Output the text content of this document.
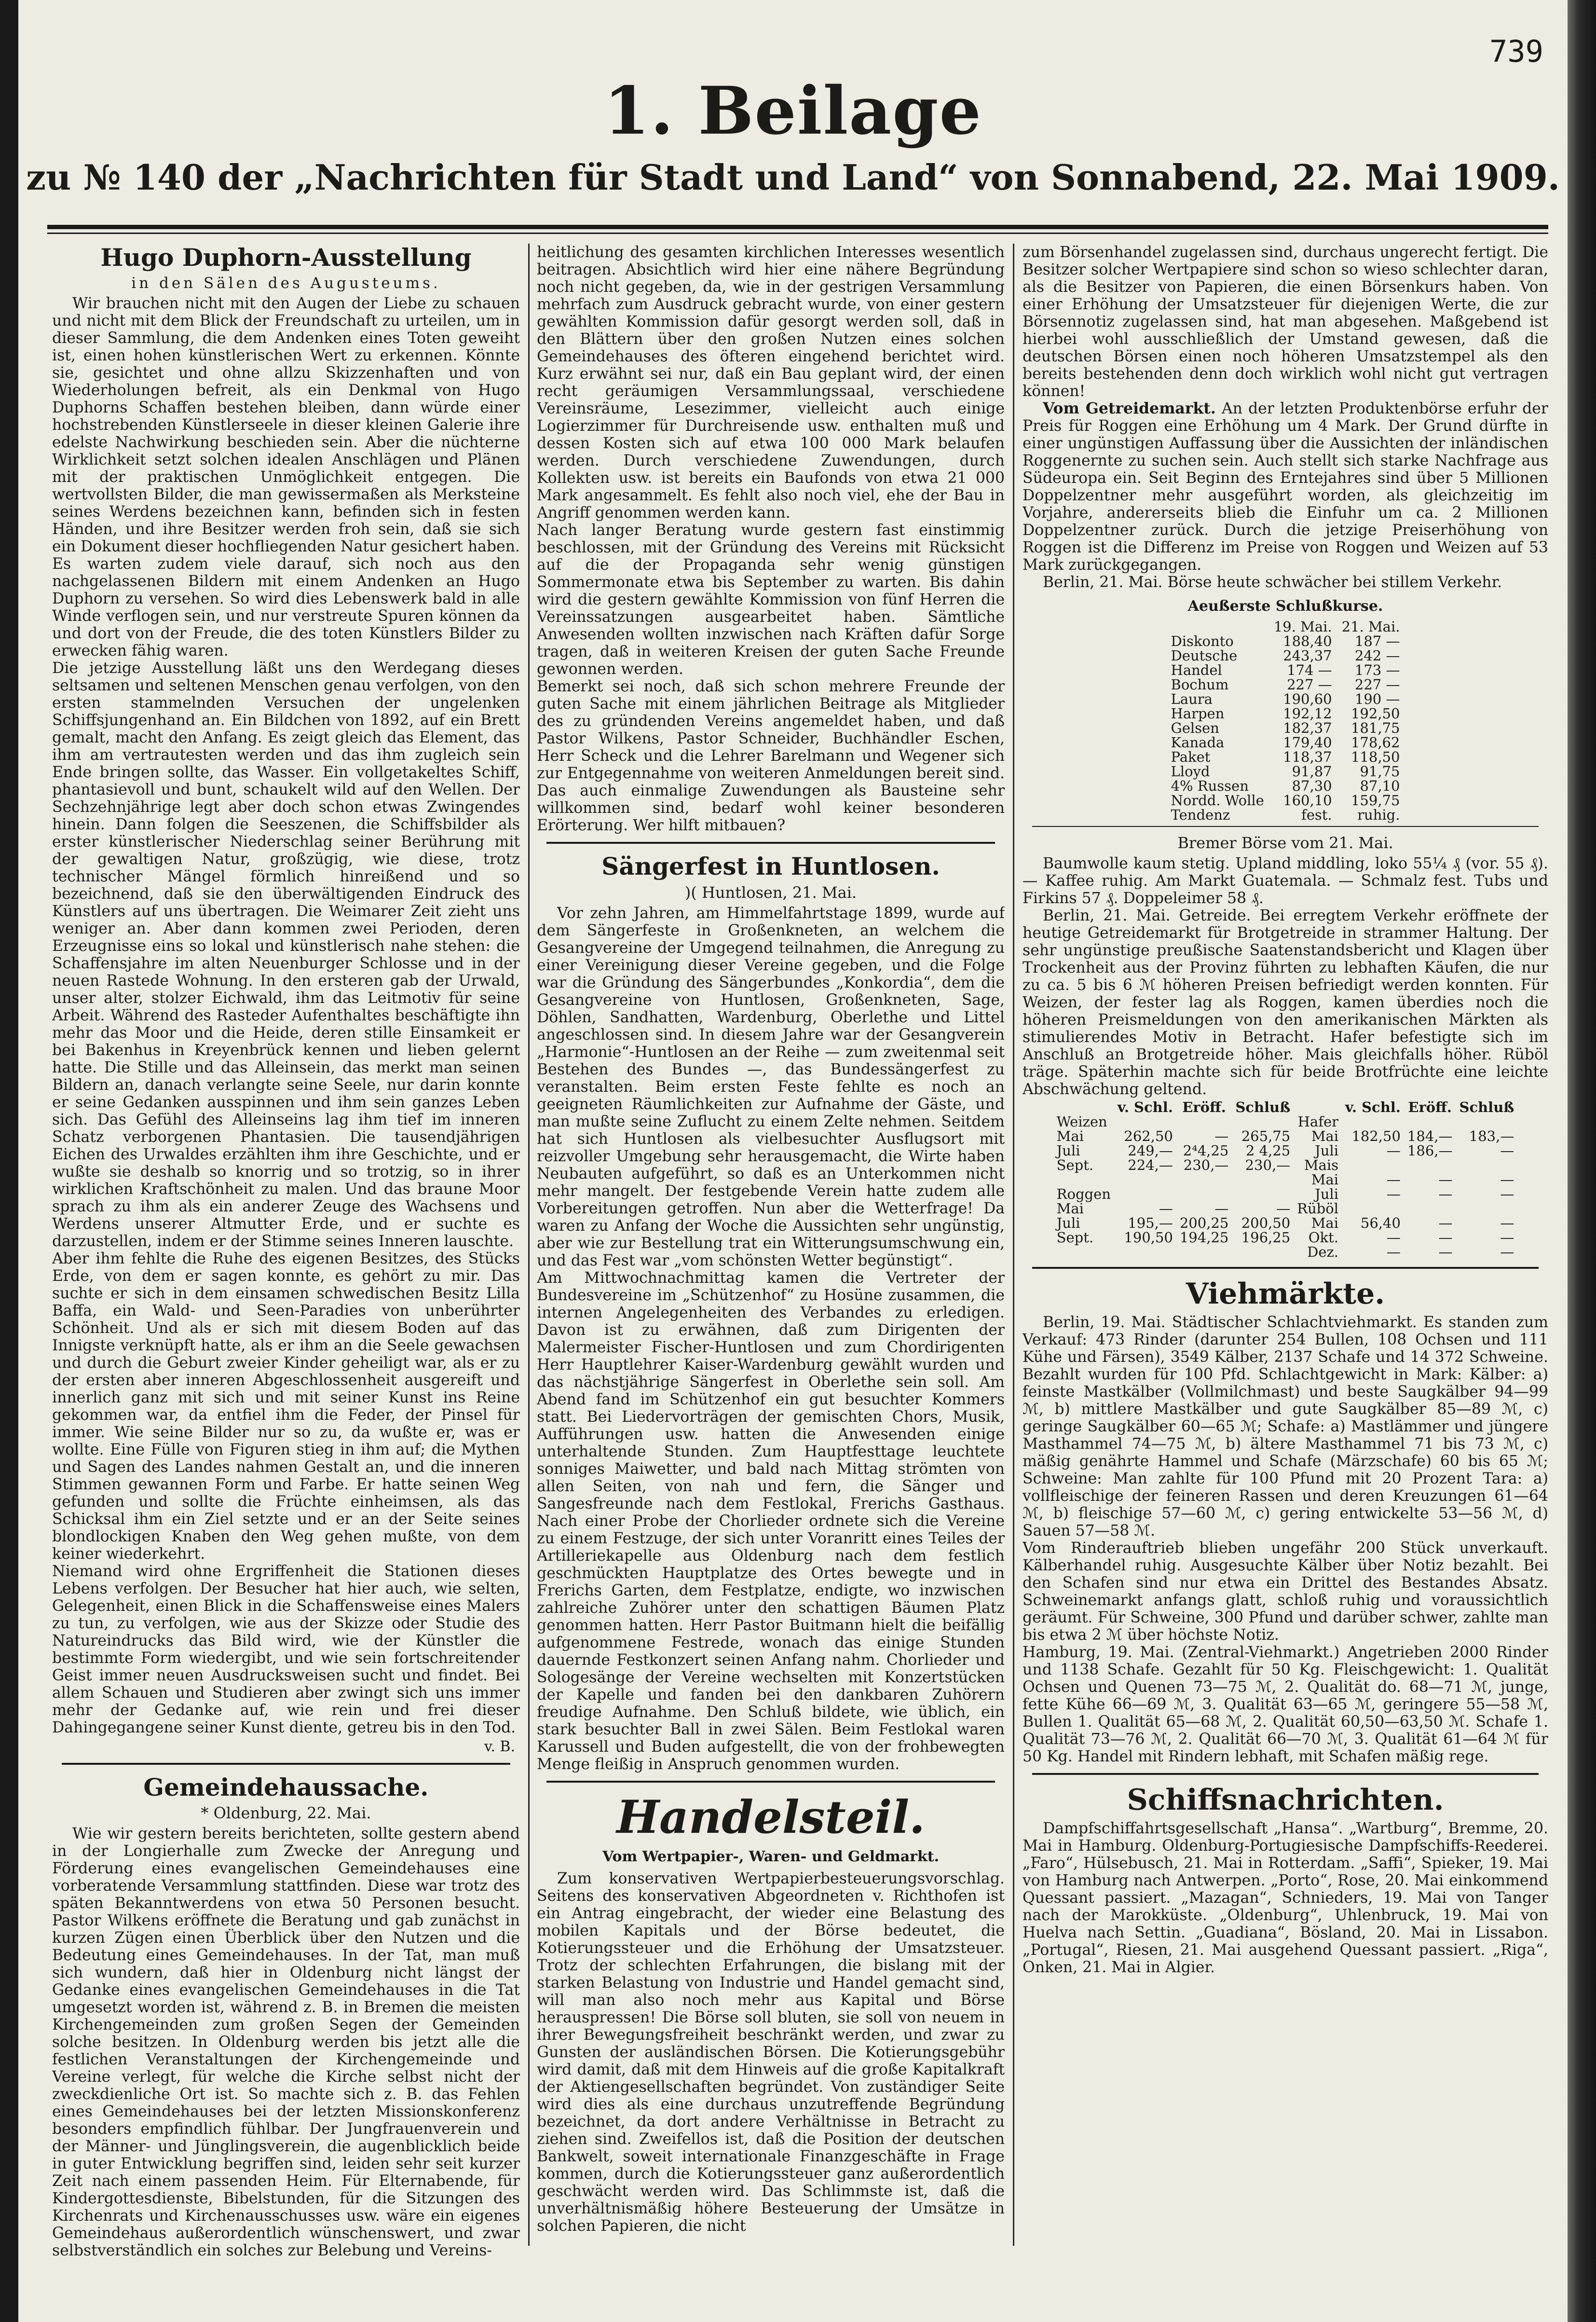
739
1. Beilage
zu № 140 der „Nachrichten für Stadt und Land“ von Sonnabend, 22. Mai 1909.
Hugo Duphorn-Ausstellung
in den Sälen des Augusteums.

Wir brauchen nicht mit den Augen der Liebe zu schauen und nicht mit dem Blick der Freundschaft zu urteilen, um in dieser Sammlung, die dem Andenken eines Toten geweiht ist, einen hohen künstlerischen Wert zu erkennen. Könnte sie, gesichtet und ohne allzu Skizzenhaften und von Wiederholungen befreit, als ein Denkmal von Hugo Duphorns Schaffen bestehen bleiben, dann würde einer hochstrebenden Künstlerseele in dieser kleinen Galerie ihre edelste Nachwirkung beschieden sein. Aber die nüchterne Wirklichkeit setzt solchen idealen Anschlägen und Plänen mit der praktischen Unmöglichkeit entgegen. Die wertvollsten Bilder, die man gewissermaßen als Merksteine seines Werdens bezeichnen kann, befinden sich in festen Händen, und ihre Besitzer werden froh sein, daß sie sich ein Dokument dieser hochfliegenden Natur gesichert haben. Es warten zudem viele darauf, sich noch aus den nachgelassenen Bildern mit einem Andenken an Hugo Duphorn zu versehen. So wird dies Lebenswerk bald in alle Winde verflogen sein, und nur verstreute Spuren können da und dort von der Freude, die des toten Künstlers Bilder zu erwecken fähig waren.
Die jetzige Ausstellung läßt uns den Werdegang dieses seltsamen und seltenen Menschen genau verfolgen, von den ersten stammelnden Versuchen der ungelenken Schiffsjungenhand an. Ein Bildchen von 1892, auf ein Brett gemalt, macht den Anfang. Es zeigt gleich das Element, das ihm am vertrautesten werden und das ihm zugleich sein Ende bringen sollte, das Wasser. Ein vollgetakeltes Schiff, phantasievoll und bunt, schaukelt wild auf den Wellen. Der Sechzehnjährige legt aber doch schon etwas Zwingendes hinein. Dann folgen die Seeszenen, die Schiffsbilder als erster künstlerischer Niederschlag seiner Berührung mit der gewaltigen Natur, großzügig, wie diese, trotz technischer Mängel förmlich hinreißend und so bezeichnend, daß sie den überwältigenden Eindruck des Künstlers auf uns übertragen. Die Weimarer Zeit zieht uns weniger an. Aber dann kommen zwei Perioden, deren Erzeugnisse eins so lokal und künstlerisch nahe stehen: die Schaffensjahre im alten Neuenburger Schlosse und in der neuen Rastede Wohnung. In den ersteren gab der Urwald, unser alter, stolzer Eichwald, ihm das Leitmotiv für seine Arbeit. Während des Rasteder Aufenthaltes beschäftigte ihn mehr das Moor und die Heide, deren stille Einsamkeit er bei Bakenhus in Kreyenbrück kennen und lieben gelernt hatte. Die Stille und das Alleinsein, das merkt man seinen Bildern an, danach verlangte seine Seele, nur darin konnte er seine Gedanken ausspinnen und ihm sein ganzes Leben sich. Das Gefühl des Alleinseins lag ihm tief im inneren Schatz verborgenen Phantasien. Die tausendjährigen Eichen des Urwaldes erzählten ihm ihre Geschichte, und er wußte sie deshalb so knorrig und so trotzig, so in ihrer wirklichen Kraftschönheit zu malen. Und das braune Moor sprach zu ihm als ein anderer Zeuge des Wachsens und Werdens unserer Altmutter Erde, und er suchte es darzustellen, indem er der Stimme seines Inneren lauschte.
Aber ihm fehlte die Ruhe des eigenen Besitzes, des Stücks Erde, von dem er sagen konnte, es gehört zu mir. Das suchte er sich in dem einsamen schwedischen Besitz Lilla Baffa, ein Wald- und Seen-Paradies von unberührter Schönheit. Und als er sich mit diesem Boden auf das Innigste verknüpft hatte, als er ihm an die Seele gewachsen und durch die Geburt zweier Kinder geheiligt war, als er zu der ersten aber inneren Abgeschlossenheit ausgereift und innerlich ganz mit sich und mit seiner Kunst ins Reine gekommen war, da entfiel ihm die Feder, der Pinsel für immer. Wie seine Bilder nur so zu, da wußte er, was er wollte. Eine Fülle von Figuren stieg in ihm auf; die Mythen und Sagen des Landes nahmen Gestalt an, und die inneren Stimmen gewannen Form und Farbe. Er hatte seinen Weg gefunden und sollte die Früchte einheimsen, als das Schicksal ihm ein Ziel setzte und er an der Seite seines blondlockigen Knaben den Weg gehen mußte, von dem keiner wiederkehrt.
Niemand wird ohne Ergriffenheit die Stationen dieses Lebens verfolgen. Der Besucher hat hier auch, wie selten, Gelegenheit, einen Blick in die Schaffensweise eines Malers zu tun, zu verfolgen, wie aus der Skizze oder Studie des Natureindrucks das Bild wird, wie der Künstler die bestimmte Form wiedergibt, und wie sein fortschreitender Geist immer neuen Ausdrucksweisen sucht und findet. Bei allem Schauen und Studieren aber zwingt sich uns immer mehr der Gedanke auf, wie rein und frei dieser Dahingegangene seiner Kunst diente, getreu bis in den Tod.

v. B.
Gemeindehaussache.
* Oldenburg, 22. Mai.

Wie wir gestern bereits berichteten, sollte gestern abend in der Longierhalle zum Zwecke der Anregung und Förderung eines evangelischen Gemeindehauses eine vorberatende Versammlung stattfinden. Diese war trotz des späten Bekanntwerdens von etwa 50 Personen besucht. Pastor Wilkens eröffnete die Beratung und gab zunächst in kurzen Zügen einen Überblick über den Nutzen und die Bedeutung eines Gemeindehauses. In der Tat, man muß sich wundern, daß hier in Oldenburg nicht längst der Gedanke eines evangelischen Gemeindehauses in die Tat umgesetzt worden ist, während z. B. in Bremen die meisten Kirchengemeinden zum großen Segen der Gemeinden solche besitzen. In Oldenburg werden bis jetzt alle die festlichen Veranstaltungen der Kirchengemeinde und Vereine verlegt, für welche die Kirche selbst nicht der zweckdienliche Ort ist. So machte sich z. B. das Fehlen eines Gemeindehauses bei der letzten Missionskonferenz besonders empfindlich fühlbar. Der Jungfrauenverein und der Männer- und Jünglingsverein, die augenblicklich beide in guter Entwicklung begriffen sind, leiden sehr seit kurzer Zeit nach einem passenden Heim. Für Elternabende, für Kindergottesdienste, Bibelstunden, für die Sitzungen des Kirchenrats und Kirchenausschusses usw. wäre ein eigenes Gemeindehaus außerordentlich wünschenswert, und zwar selbstverständlich ein solches zur Belebung und Vereins-

heitlichung des gesamten kirchlichen Interesses wesentlich beitragen. Absichtlich wird hier eine nähere Begründung noch nicht gegeben, da, wie in der gestrigen Versammlung mehrfach zum Ausdruck gebracht wurde, von einer gestern gewählten Kommission dafür gesorgt werden soll, daß in den Blättern über den großen Nutzen eines solchen Gemeindehauses des öfteren eingehend berichtet wird. Kurz erwähnt sei nur, daß ein Bau geplant wird, der einen recht geräumigen Versammlungssaal, verschiedene Vereinsräume, Lesezimmer, vielleicht auch einige Logierzimmer für Durchreisende usw. enthalten muß und dessen Kosten sich auf etwa 100 000 Mark belaufen werden. Durch verschiedene Zuwendungen, durch Kollekten usw. ist bereits ein Baufonds von etwa 21 000 Mark angesammelt. Es fehlt also noch viel, ehe der Bau in Angriff genommen werden kann.
Nach langer Beratung wurde gestern fast einstimmig beschlossen, mit der Gründung des Vereins mit Rücksicht auf die der Propaganda sehr wenig günstigen Sommermonate etwa bis September zu warten. Bis dahin wird die gestern gewählte Kommission von fünf Herren die Vereinssatzungen ausgearbeitet haben. Sämtliche Anwesenden wollten inzwischen nach Kräften dafür Sorge tragen, daß in weiteren Kreisen der guten Sache Freunde gewonnen werden.
Bemerkt sei noch, daß sich schon mehrere Freunde der guten Sache mit einem jährlichen Beitrage als Mitglieder des zu gründenden Vereins angemeldet haben, und daß Pastor Wilkens, Pastor Schneider, Buchhändler Eschen, Herr Scheck und die Lehrer Barelmann und Wegener sich zur Entgegennahme von weiteren Anmeldungen bereit sind. Das auch einmalige Zuwendungen als Bausteine sehr willkommen sind, bedarf wohl keiner besonderen Erörterung. Wer hilft mitbauen?

Sängerfest in Huntlosen.
)( Huntlosen, 21. Mai.

Vor zehn Jahren, am Himmelfahrtstage 1899, wurde auf dem Sängerfeste in Großenkneten, an welchem die Gesangvereine der Umgegend teilnahmen, die Anregung zu einer Vereinigung dieser Vereine gegeben, und die Folge war die Gründung des Sängerbundes „Konkordia“, dem die Gesangvereine von Huntlosen, Großenkneten, Sage, Döhlen, Sandhatten, Wardenburg, Oberlethe und Littel angeschlossen sind. In diesem Jahre war der Gesangverein „Harmonie“-Huntlosen an der Reihe — zum zweitenmal seit Bestehen des Bundes —, das Bundessängerfest zu veranstalten. Beim ersten Feste fehlte es noch an geeigneten Räumlichkeiten zur Aufnahme der Gäste, und man mußte seine Zuflucht zu einem Zelte nehmen. Seitdem hat sich Huntlosen als vielbesuchter Ausflugsort mit reizvoller Umgebung sehr herausgemacht, die Wirte haben Neubauten aufgeführt, so daß es an Unterkommen nicht mehr mangelt. Der festgebende Verein hatte zudem alle Vorbereitungen getroffen. Nun aber die Wetterfrage! Da waren zu Anfang der Woche die Aussichten sehr ungünstig, aber wie zur Bestellung trat ein Witterungsumschwung ein, und das Fest war „vom schönsten Wetter begünstigt“.
Am Mittwochnachmittag kamen die Vertreter der Bundesvereine im „Schützenhof“ zu Hosüne zusammen, die internen Angelegenheiten des Verbandes zu erledigen. Davon ist zu erwähnen, daß zum Dirigenten der Malermeister Fischer-Huntlosen und zum Chordirigenten Herr Hauptlehrer Kaiser-Wardenburg gewählt wurden und das nächstjährige Sängerfest in Oberlethe sein soll. Am Abend fand im Schützenhof ein gut besuchter Kommers statt. Bei Liedervorträgen der gemischten Chors, Musik, Aufführungen usw. hatten die Anwesenden einige unterhaltende Stunden. Zum Hauptfesttage leuchtete sonniges Maiwetter, und bald nach Mittag strömten von allen Seiten, von nah und fern, die Sänger und Sangesfreunde nach dem Festlokal, Frerichs Gasthaus. Nach einer Probe der Chorlieder ordnete sich die Vereine zu einem Festzuge, der sich unter Voranritt eines Teiles der Artilleriekapelle aus Oldenburg nach dem festlich geschmückten Hauptplatze des Ortes bewegte und in Frerichs Garten, dem Festplatze, endigte, wo inzwischen zahlreiche Zuhörer unter den schattigen Bäumen Platz genommen hatten. Herr Pastor Buitmann hielt die beifällig aufgenommene Festrede, wonach das einige Stunden dauernde Festkonzert seinen Anfang nahm. Chorlieder und Sologesänge der Vereine wechselten mit Konzertstücken der Kapelle und fanden bei den dankbaren Zuhörern freudige Aufnahme. Den Schluß bildete, wie üblich, ein stark besuchter Ball in zwei Sälen. Beim Festlokal waren Karussell und Buden aufgestellt, die von der frohbewegten Menge fleißig in Anspruch genommen wurden.

Handelsteil.
Vom Wertpapier-, Waren- und Geldmarkt.

Zum konservativen Wertpapierbesteuerungsvorschlag. Seitens des konservativen Abgeordneten v. Richthofen ist ein Antrag eingebracht, der wieder eine Belastung des mobilen Kapitals und der Börse bedeutet, die Kotierungssteuer und die Erhöhung der Umsatzsteuer. Trotz der schlechten Erfahrungen, die bislang mit der starken Belastung von Industrie und Handel gemacht sind, will man also noch mehr aus Kapital und Börse herauspressen! Die Börse soll bluten, sie soll von neuem in ihrer Bewegungsfreiheit beschränkt werden, und zwar zu Gunsten der ausländischen Börsen. Die Kotierungsgebühr wird damit, daß mit dem Hinweis auf die große Kapitalkraft der Aktiengesellschaften begründet. Von zuständiger Seite wird dies als eine durchaus unzutreffende Begründung bezeichnet, da dort andere Verhältnisse in Betracht zu ziehen sind. Zweifellos ist, daß die Position der deutschen Bankwelt, soweit internationale Finanzgeschäfte in Frage kommen, durch die Kotierungssteuer ganz außerordentlich geschwächt werden wird. Das Schlimmste ist, daß die unverhältnismäßig höhere Besteuerung der Umsätze in solchen Papieren, die nicht

zum Börsenhandel zugelassen sind, durchaus ungerecht fertigt. Die Besitzer solcher Wertpapiere sind schon so wieso schlechter daran, als die Besitzer von Papieren, die einen Börsenkurs haben. Von einer Erhöhung der Umsatzsteuer für diejenigen Werte, die zur Börsennotiz zugelassen sind, hat man abgesehen. Maßgebend ist hierbei wohl ausschließlich der Umstand gewesen, daß die deutschen Börsen einen noch höheren Umsatzstempel als den bereits bestehenden denn doch wirklich wohl nicht gut vertragen können!

Vom Getreidemarkt. An der letzten Produktenbörse erfuhr der Preis für Roggen eine Erhöhung um 4 Mark. Der Grund dürfte in einer ungünstigen Auffassung über die Aussichten der inländischen Roggenernte zu suchen sein. Auch stellt sich starke Nachfrage aus Südeuropa ein. Seit Beginn des Erntejahres sind über 5 Millionen Doppelzentner mehr ausgeführt worden, als gleichzeitig im Vorjahre, andererseits blieb die Einfuhr um ca. 2 Millionen Doppelzentner zurück. Durch die jetzige Preiserhöhung von Roggen ist die Differenz im Preise von Roggen und Weizen auf 53 Mark zurückgegangen.

Berlin, 21. Mai. Börse heute schwächer bei stillem Verkehr.

Aeußerste Schlußkurse.
	19. Mai.	21. Mai.
Diskonto	188,40	187 —
Deutsche	243,37	242 —
Handel	174 —	173 —
Bochum	227 —	227 —
Laura	190,60	190 —
Harpen	192,12	192,50
Gelsen	182,37	181,75
Kanada	179,40	178,62
Paket	118,37	118,50
Lloyd	91,87	91,75
4% Russen	87,30	87,10
Nordd. Wolle	160,10	159,75
Tendenz	fest.	ruhig.
Bremer Börse vom 21. Mai.

Baumwolle kaum stetig. Upland middling, loko 55¼ ₰ (vor. 55 ₰). — Kaffee ruhig. Am Markt Guatemala. — Schmalz fest. Tubs und Firkins 57 ₰. Doppeleimer 58 ₰.

Berlin, 21. Mai. Getreide. Bei erregtem Verkehr eröffnete der heutige Getreidemarkt für Brotgetreide in strammer Haltung. Der sehr ungünstige preußische Saatenstandsbericht und Klagen über Trockenheit aus der Provinz führten zu lebhaften Käufen, die nur zu ca. 5 bis 6 ℳ höheren Preisen befriedigt werden konnten. Für Weizen, der fester lag als Roggen, kamen überdies noch die höheren Preismeldungen von den amerikanischen Märkten als stimulierendes Motiv in Betracht. Hafer befestigte sich im Anschluß an Brotgetreide höher. Mais gleichfalls höher. Rüböl träge. Späterhin machte sich für beide Brotfrüchte eine leichte Abschwächung geltend.

	v. Schl.	Eröff.	Schluß		v. Schl.	Eröff.	Schluß
Weizen				Hafer			
Mai	262,50	—	265,75	Mai	182,50	184,—	183,—
Juli	249,—	2⁴4,25	2 4,25	Juli	—	186,—	—
Sept.	224,—	230,—	230,—	Mais			
				Mai	—	—	—
Roggen				Juli	—	—	—
Mai	—	—	—	Rüböl			
Juli	195,—	200,25	200,50	Mai	56,40	—	—
Sept.	190,50	194,25	196,25	Okt.	—	—	—
				Dez.	—	—	—
Viehmärkte.

Berlin, 19. Mai. Städtischer Schlachtviehmarkt. Es standen zum Verkauf: 473 Rinder (darunter 254 Bullen, 108 Ochsen und 111 Kühe und Färsen), 3549 Kälber, 2137 Schafe und 14 372 Schweine. Bezahlt wurden für 100 Pfd. Schlachtgewicht in Mark: Kälber: a) feinste Mastkälber (Vollmilchmast) und beste Saugkälber 94—99 ℳ, b) mittlere Mastkälber und gute Saugkälber 85—89 ℳ, c) geringe Saugkälber 60—65 ℳ; Schafe: a) Mastlämmer und jüngere Masthammel 74—75 ℳ, b) ältere Masthammel 71 bis 73 ℳ, c) mäßig genährte Hammel und Schafe (Märzschafe) 60 bis 65 ℳ; Schweine: Man zahlte für 100 Pfund mit 20 Prozent Tara: a) vollfleischige der feineren Rassen und deren Kreuzungen 61—64 ℳ, b) fleischige 57—60 ℳ, c) gering entwickelte 53—56 ℳ, d) Sauen 57—58 ℳ.
Vom Rinderauftrieb blieben ungefähr 200 Stück unverkauft. Kälberhandel ruhig. Ausgesuchte Kälber über Notiz bezahlt. Bei den Schafen sind nur etwa ein Drittel des Bestandes Absatz. Schweinemarkt anfangs glatt, schloß ruhig und voraussichtlich geräumt. Für Schweine, 300 Pfund und darüber schwer, zahlte man bis etwa 2 ℳ über höchste Notiz.
Hamburg, 19. Mai. (Zentral-Viehmarkt.) Angetrieben 2000 Rinder und 1138 Schafe. Gezahlt für 50 Kg. Fleischgewicht: 1. Qualität Ochsen und Quenen 73—75 ℳ, 2. Qualität do. 68—71 ℳ, junge, fette Kühe 66—69 ℳ, 3. Qualität 63—65 ℳ, geringere 55—58 ℳ, Bullen 1. Qualität 65—68 ℳ, 2. Qualität 60,50—63,50 ℳ. Schafe 1. Qualität 73—76 ℳ, 2. Qualität 66—70 ℳ, 3. Qualität 61—64 ℳ für 50 Kg. Handel mit Rindern lebhaft, mit Schafen mäßig rege.

Schiffsnachrichten.

Dampfschiffahrtsgesellschaft „Hansa“. „Wartburg“, Bremme, 20. Mai in Hamburg. Oldenburg-Portugiesische Dampfschiffs-Reederei. „Faro“, Hülsebusch, 21. Mai in Rotterdam. „Saffi“, Spieker, 19. Mai von Hamburg nach Antwerpen. „Porto“, Rose, 20. Mai einkommend Quessant passiert. „Mazagan“, Schnieders, 19. Mai von Tanger nach der Marokküste. „Oldenburg“, Uhlenbruck, 19. Mai von Huelva nach Settin. „Guadiana“, Bösland, 20. Mai in Lissabon. „Portugal“, Riesen, 21. Mai ausgehend Quessant passiert. „Riga“, Onken, 21. Mai in Algier.
